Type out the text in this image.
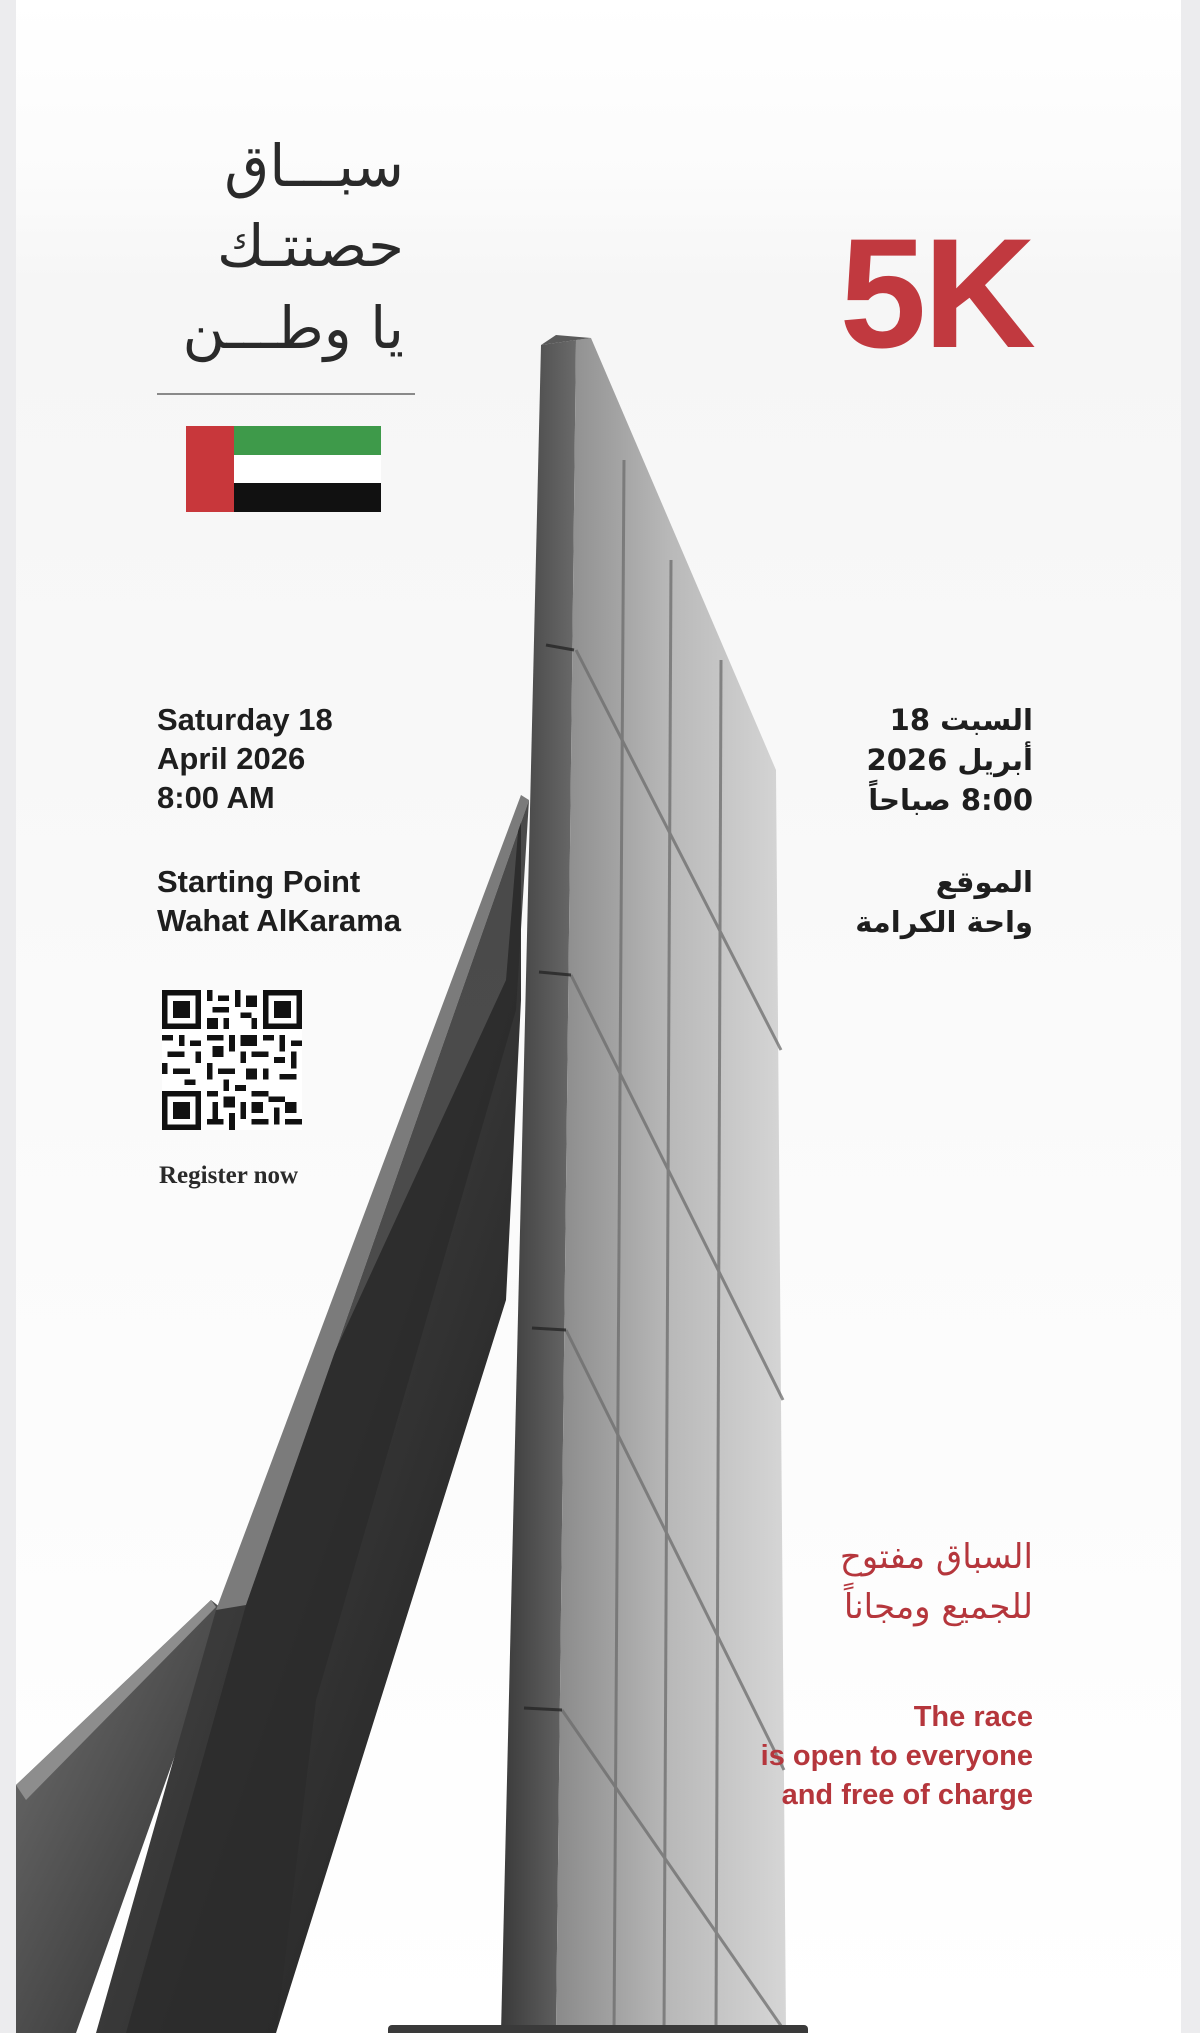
سبـــاق
حصنتـك
يا وطـــن	5K
Saturday 18
April 2026
8:00 AM
Starting Point
Wahat AlKarama
السبت 18
أبريل 2026
8:00 صباحاً
الموقع
واحة الكرامة
Register now
السباق مفتوح
للجميع ومجاناً
The race
is open to everyone
and free of charge
